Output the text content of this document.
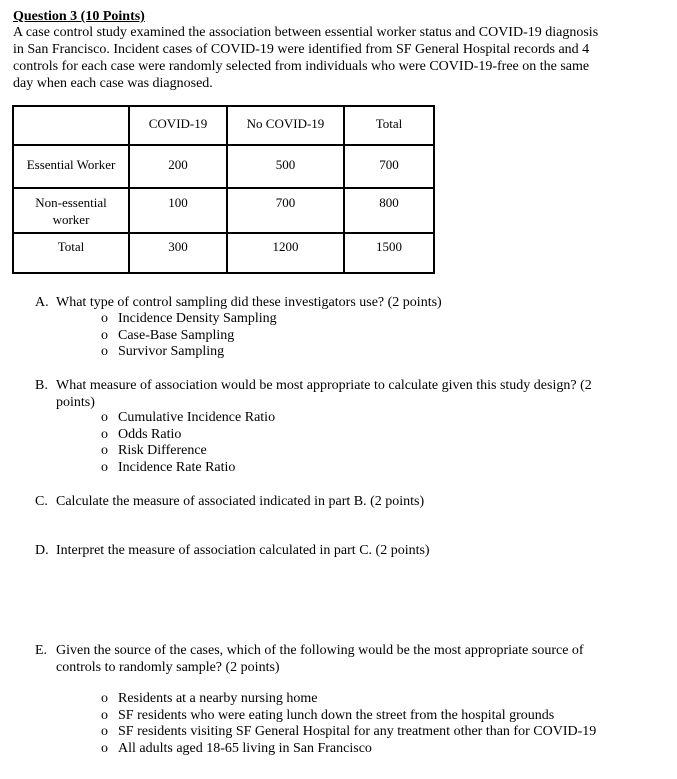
Question 3 (10 Points)
A case control study examined the association between essential worker status and COVID-19 diagnosis
in San Francisco. Incident cases of COVID-19 were identified from SF General Hospital records and 4
controls for each case were randomly selected from individuals who were COVID-19-free on the same
day when each case was diagnosed.
	COVID-19	No COVID-19	Total
Essential Worker	200	500	700

Non-essential
worker	100	700	800
Total	300	1200	1500
A. What type of control sampling did these investigators use? (2 points)
o Incidence Density Sampling
o Case-Base Sampling
o Survivor Sampling
B. What measure of association would be most appropriate to calculate given this study design? (2
points)
o Cumulative Incidence Ratio
o Odds Ratio
o Risk Difference
o Incidence Rate Ratio
C. Calculate the measure of associated indicated in part B. (2 points)
D. Interpret the measure of association calculated in part C. (2 points)
E. Given the source of the cases, which of the following would be the most appropriate source of
controls to randomly sample? (2 points)
o Residents at a nearby nursing home
o SF residents who were eating lunch down the street from the hospital grounds
o SF residents visiting SF General Hospital for any treatment other than for COVID-19
o All adults aged 18-65 living in San Francisco
